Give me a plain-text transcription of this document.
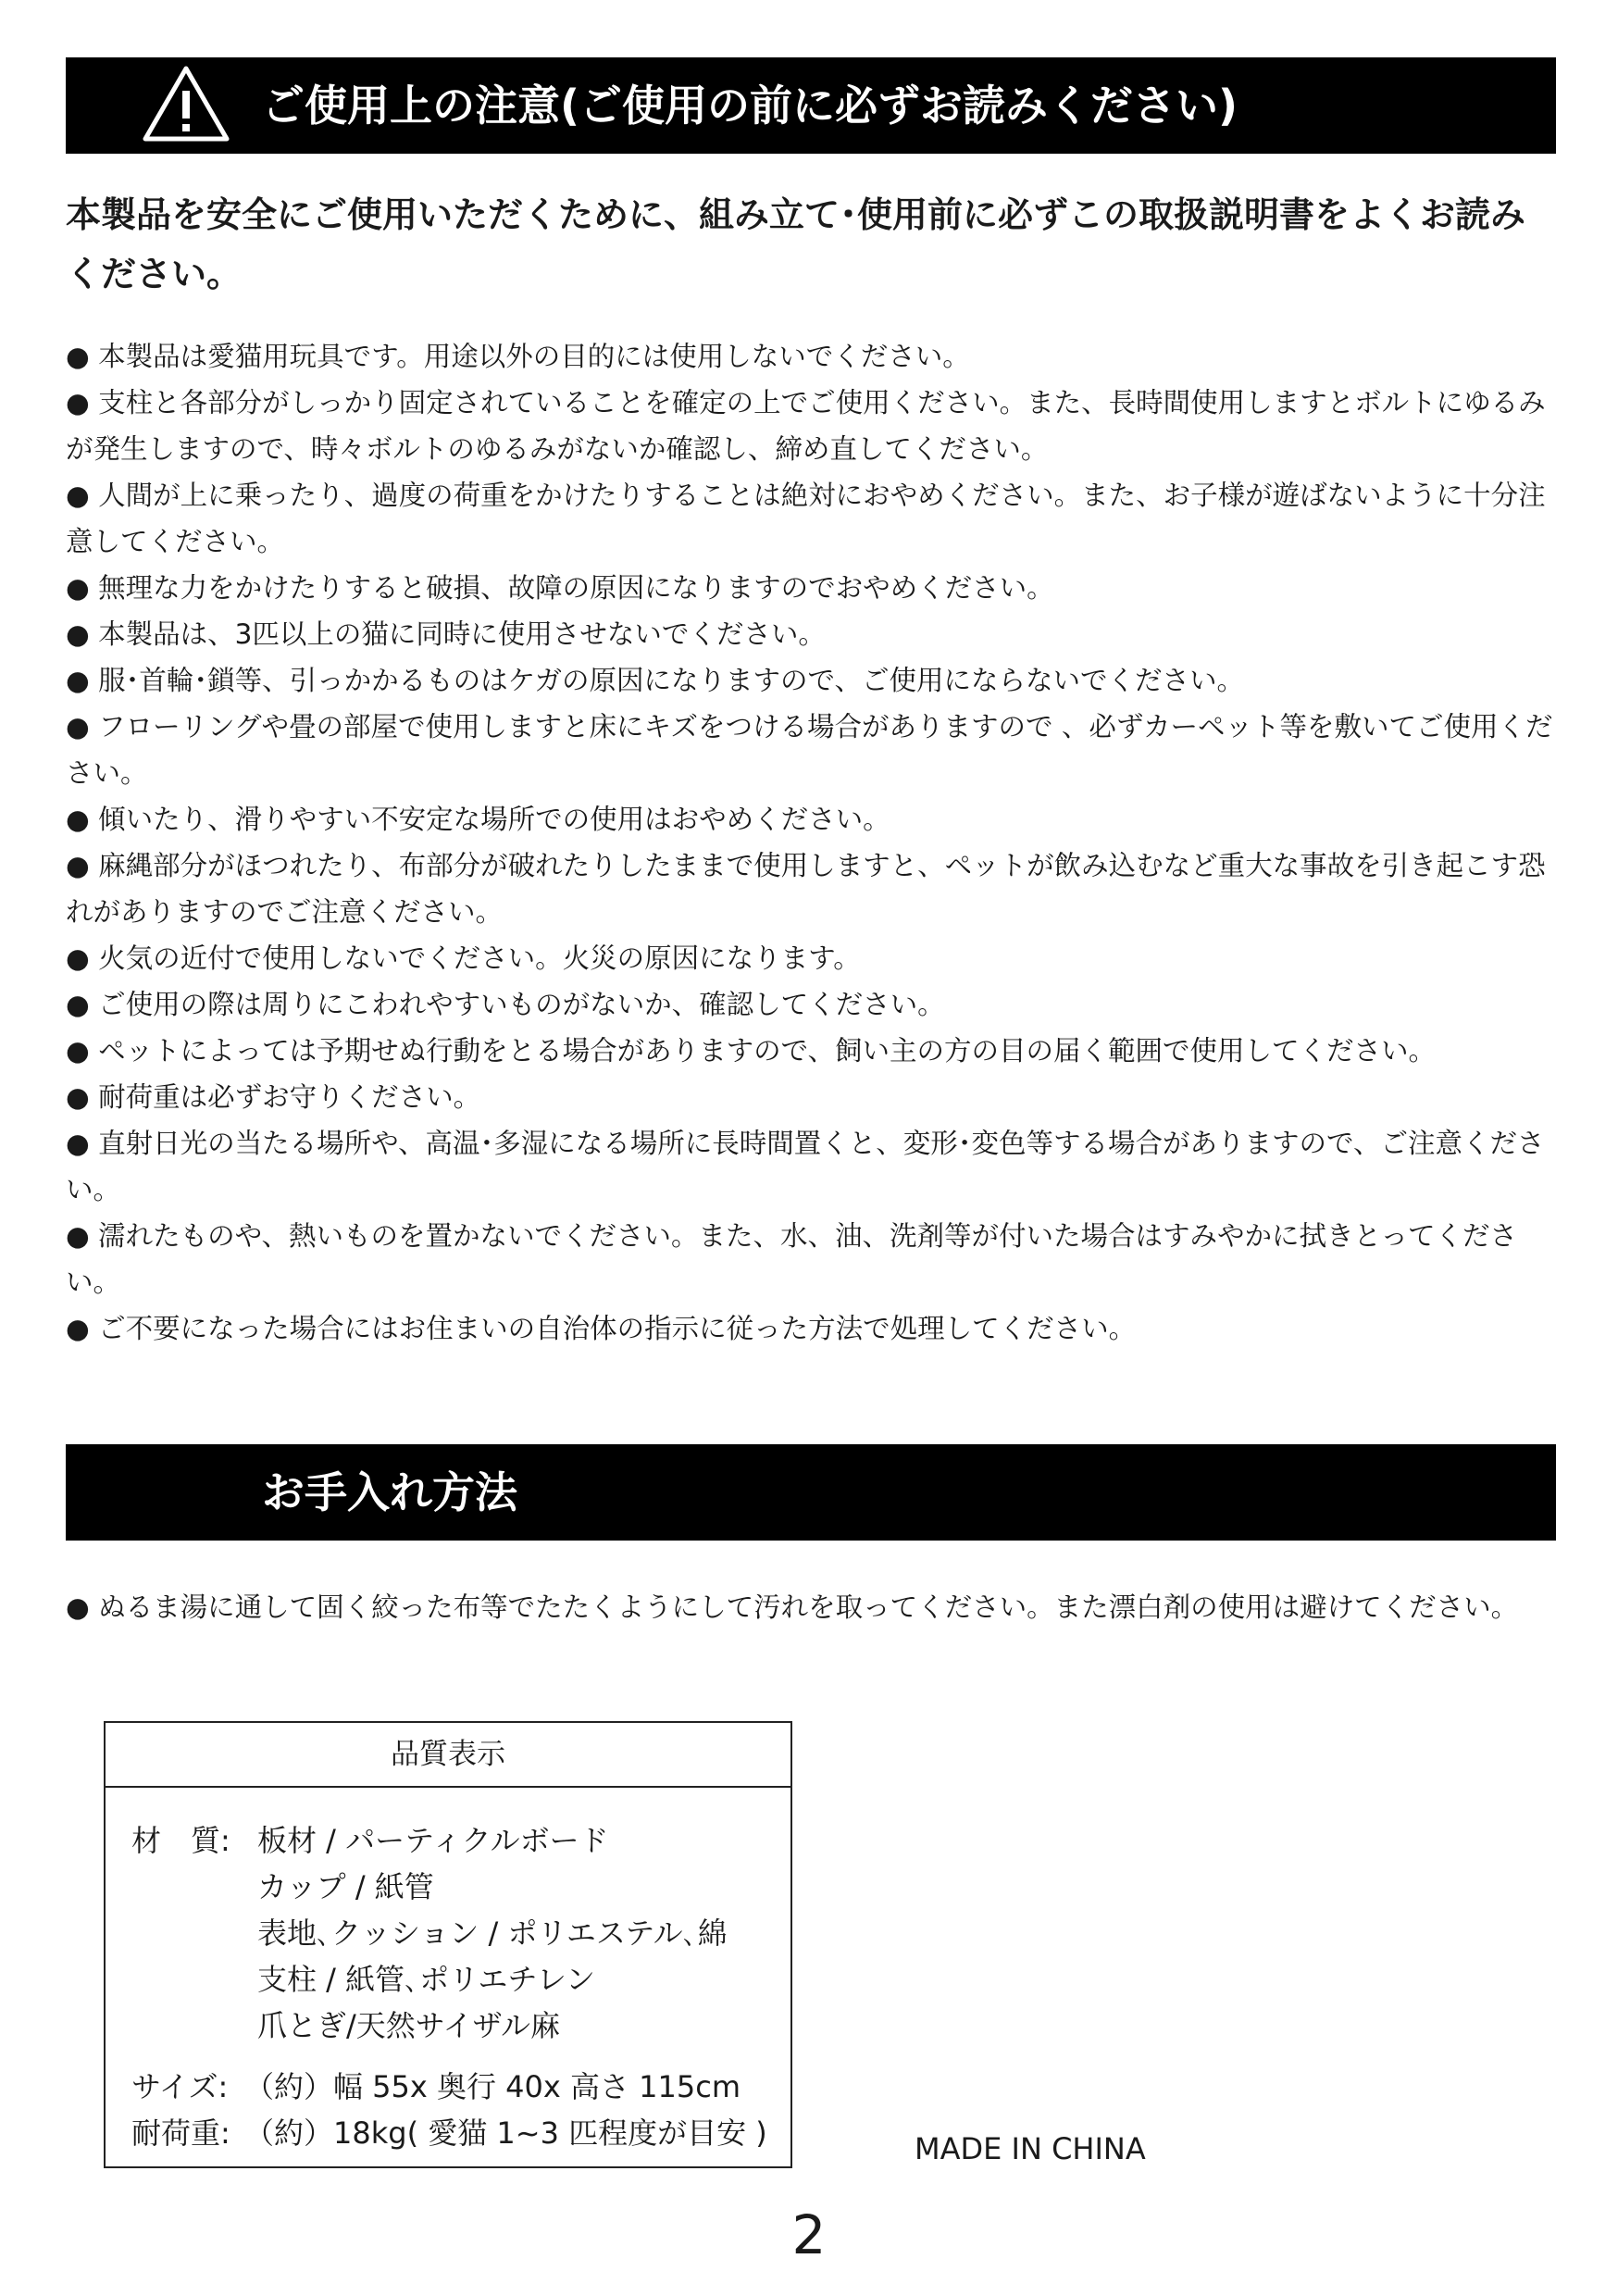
ご使用上の注意(ご使用の前に必ずお読みください)
本製品を安全にご使用いただくために、組み立て･使用前に必ずこの取扱説明書をよくお読みください。
● 本製品は愛猫用玩具です。用途以外の目的には使用しないでください。
● 支柱と各部分がしっかり固定されていることを確定の上でご使用ください。また、長時間使用しますとボルトにゆるみが発生しますので、時々ボルトのゆるみがないか確認し、締め直してください。
● 人間が上に乗ったり、過度の荷重をかけたりすることは絶対におやめください。また、お子様が遊ばないように十分注意してください。
● 無理な力をかけたりすると破損、故障の原因になりますのでおやめください。
● 本製品は、3匹以上の猫に同時に使用させないでください。
● 服･首輪･鎖等、引っかかるものはケガの原因になりますので、ご使用にならないでください。
● フローリングや畳の部屋で使用しますと床にキズをつける場合がありますので 、必ずカーペット等を敷いてご使用ください。
● 傾いたり、滑りやすい不安定な場所での使用はおやめください。
● 麻縄部分がほつれたり、布部分が破れたりしたままで使用しますと、ペットが飲み込むなど重大な事故を引き起こす恐れがありますのでご注意ください。
● 火気の近付で使用しないでください。火災の原因になります。
● ご使用の際は周りにこわれやすいものがないか、確認してください。
● ペットによっては予期せぬ行動をとる場合がありますので、飼い主の方の目の届く範囲で使用してください。
● 耐荷重は必ずお守りください。
● 直射日光の当たる場所や、高温･多湿になる場所に長時間置くと、変形･変色等する場合がありますので、ご注意ください。
● 濡れたものや、熱いものを置かないでください。また、水、油、洗剤等が付いた場合はすみやかに拭きとってください。
● ご不要になった場合にはお住まいの自治体の指示に従った方法で処理してください。
お手入れ方法
● ぬるま湯に通して固く絞った布等でたたくようにして汚れを取ってください。また漂白剤の使用は避けてください。
品質表示
材　質: 板材 / パーティクルボード
カップ / 紙管
表地､クッション / ポリエステル､綿
支柱 / 紙管､ポリエチレン
爪とぎ/天然サイザル麻
サイズ: （約）幅 55x 奥行 40x 高さ 115cm
耐荷重: （約）18kg( 愛猫 1~3 匹程度が目安 )	MADE IN CHINA
2
